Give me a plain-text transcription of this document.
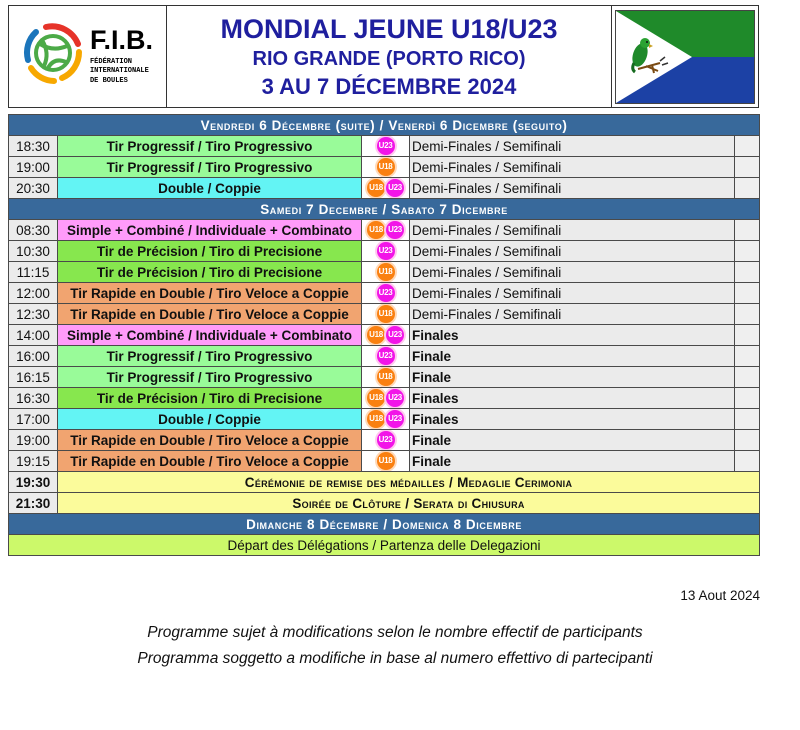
F.I.B.
FÉDÉRATION
INTERNATIONALE
DE BOULES
MONDIAL JEUNE U18/U23
RIO GRANDE (PORTO RICO)
3 AU 7 DÉCEMBRE 2024
Vendredi 6 Décembre (suite) / Venerdì 6 Dicembre (seguito)				
18:30	Tir Progressif / Tiro Progressivo	U23	Demi-Finales / Semifinali	
19:00	Tir Progressif / Tiro Progressivo	U18	Demi-Finales / Semifinali	
20:30	Double / Coppie	U18 U23	Demi-Finales / Semifinali	
Samedi 7 Decembre / Sabato 7 Dicembre				
08:30	Simple + Combiné / Individuale + Combinato	U18 U23	Demi-Finales / Semifinali	
10:30	Tir de Précision / Tiro di Precisione	U23	Demi-Finales / Semifinali	
11:15	Tir de Précision / Tiro di Precisione	U18	Demi-Finales / Semifinali	
12:00	Tir Rapide en Double / Tiro Veloce a Coppie	U23	Demi-Finales / Semifinali	
12:30	Tir Rapide en Double / Tiro Veloce a Coppie	U18	Demi-Finales / Semifinali	
14:00	Simple + Combiné / Individuale + Combinato	U18 U23	Finales	
16:00	Tir Progressif / Tiro Progressivo	U23	Finale	
16:15	Tir Progressif / Tiro Progressivo	U18	Finale	
16:30	Tir de Précision / Tiro di Precisione	U18 U23	Finales	
17:00	Double / Coppie	U18 U23	Finales	
19:00	Tir Rapide en Double / Tiro Veloce a Coppie	U23	Finale	
19:15	Tir Rapide en Double / Tiro Veloce a Coppie	U18	Finale	
19:30	Cérémonie de remise des médailles / Medaglie Cerimonia			
21:30	Soirée de Clôture / Serata di Chiusura			
Dimanche 8 Décembre / Domenica 8 Dicembre				
Départ des Délégations / Partenza delle Delegazioni				
13 Aout 2024
Programme sujet à modifications selon le nombre effectif de participants
Programma soggetto a modifiche in base al numero effettivo di partecipanti
